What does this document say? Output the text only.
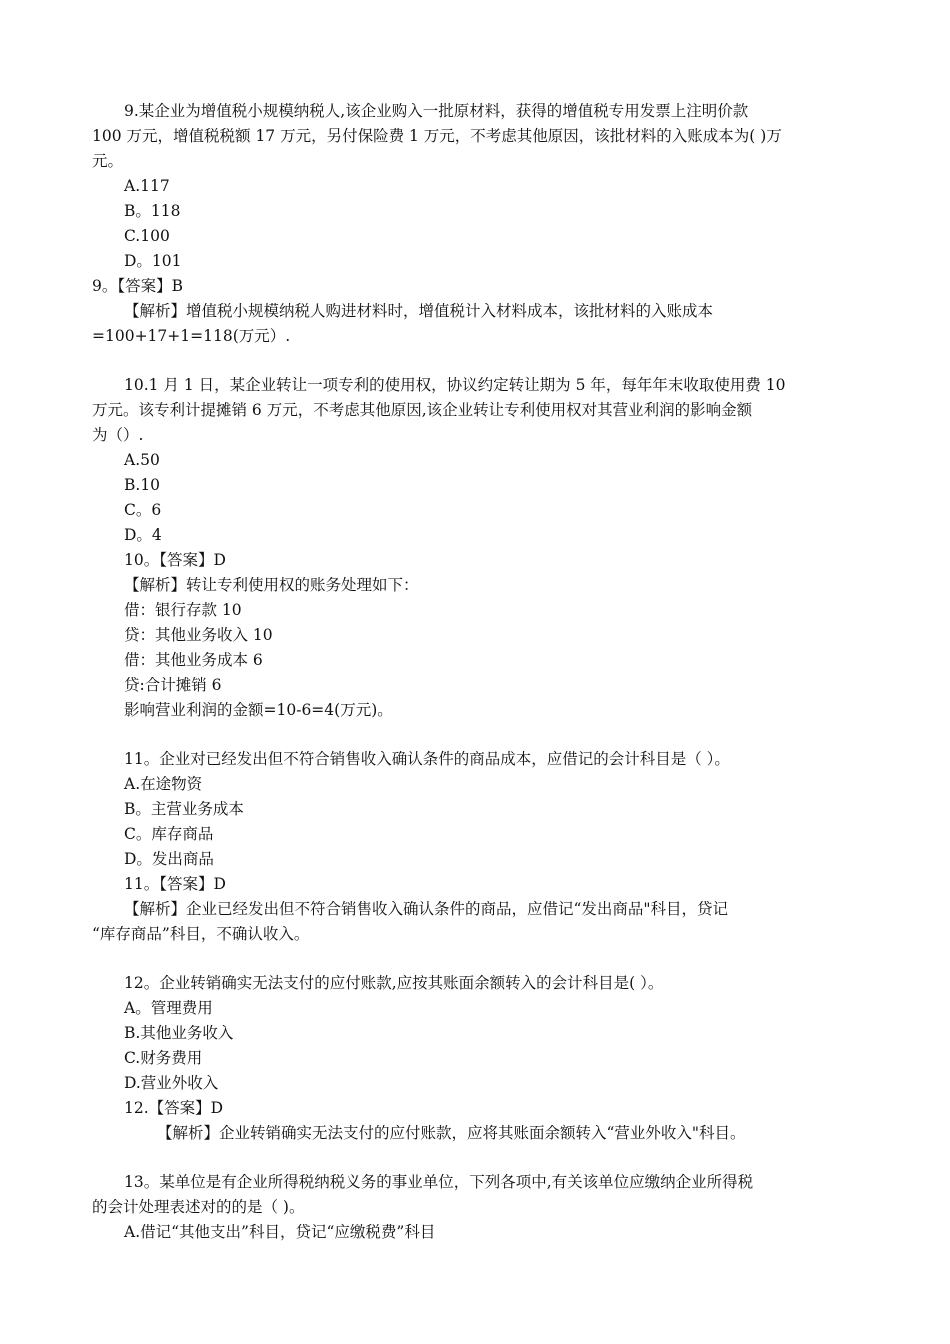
9.某企业为增值税小规模纳税人,该企业购入一批原材料，获得的增值税专用发票上注明价款
100 万元，增值税税额 17 万元，另付保险费 1 万元，不考虑其他原因，该批材料的入账成本为( )万
元。
A.117
B。118
C.100
D。101
9。【答案】B
【解析】增值税小规模纳税人购进材料时，增值税计入材料成本，该批材料的入账成本
=100+17+1=118(万元）.
10.1 月 1 日，某企业转让一项专利的使用权，协议约定转让期为 5 年，每年年末收取使用费 10
万元。该专利计提摊销 6 万元，不考虑其他原因,该企业转让专利使用权对其营业利润的影响金额
为（）.
A.50
B.10
C。6
D。4
10。【答案】D
【解析】转让专利使用权的账务处理如下：
借：银行存款 10
贷：其他业务收入 10
借：其他业务成本 6
贷:合计摊销 6
影响营业利润的金额=10-6=4(万元)。
11。企业对已经发出但不符合销售收入确认条件的商品成本，应借记的会计科目是（ ）。
A.在途物资
B。主营业务成本
C。库存商品
D。发出商品
11。【答案】D
【解析】企业已经发出但不符合销售收入确认条件的商品，应借记“发出商品"科目，贷记
“库存商品”科目，不确认收入。
12。企业转销确实无法支付的应付账款,应按其账面余额转入的会计科目是( ）。
A。管理费用
B.其他业务收入
C.财务费用
D.营业外收入
12.【答案】D
【解析】企业转销确实无法支付的应付账款，应将其账面余额转入“营业外收入"科目。
13。某单位是有企业所得税纳税义务的事业单位，下列各项中,有关该单位应缴纳企业所得税
的会计处理表述对的的是（ )。
A.借记“其他支出”科目，贷记“应缴税费”科目
